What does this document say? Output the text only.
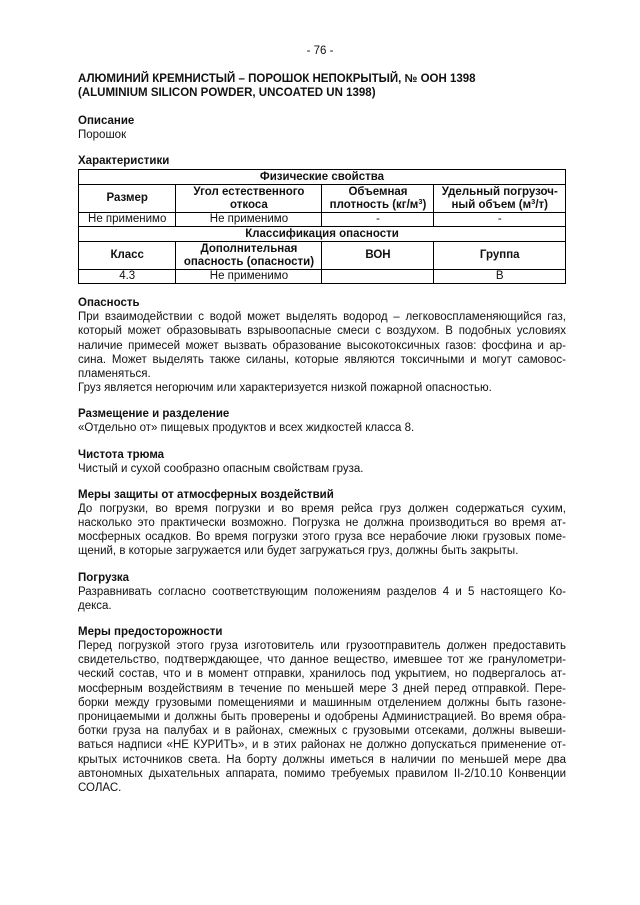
- 76 -
АЛЮМИНИЙ КРЕМНИСТЫЙ – ПОРОШОК НЕПОКРЫТЫЙ, № ООН 1398
(ALUMINIUM SILICON POWDER, UNCOATED UN 1398)

Описание

Порошок

Характеристики

Физические свойства			
Размер	Угол естественного откоса	Объемная плотность $(кг/м^3)$	Удельный погрузоч-ный объем $(м^3/т)$
Не применимо	Не применимо	-	-
Классификация опасности			
Класс	Дополнительная опасность (опасности)	ВОН	Группа
4.3	Не применимо		B

Опасность

При взаимодействии с водой может выделять водород – легковоспламеняющийся газ, который может образовывать взрывоопасные смеси с воздухом. В подобных условиях наличие примесей может вызвать образование высокотоксичных газов: фосфина и ар-сина. Может выделять также силаны, которые являются токсичными и могут самовос-пламеняться.

Груз является негорючим или характеризуется низкой пожарной опасностью.

Размещение и разделение

«Отдельно от» пищевых продуктов и всех жидкостей класса 8.

Чистота трюма

Чистый и сухой сообразно опасным свойствам груза.

Меры защиты от атмосферных воздействий

До погрузки, во время погрузки и во время рейса груз должен содержаться сухим, насколько это практически возможно. Погрузка не должна производиться во время ат-мосферных осадков. Во время погрузки этого груза все нерабочие люки грузовых поме-щений, в которые загружается или будет загружаться груз, должны быть закрыты.

Погрузка

Разравнивать согласно соответствующим положениям разделов 4 и 5 настоящего Ко-декса.

Меры предосторожности

Перед погрузкой этого груза изготовитель или грузоотправитель должен предоставить свидетельство, подтверждающее, что данное вещество, имевшее тот же гранулометри-ческий состав, что и в момент отправки, хранилось под укрытием, но подвергалось ат-мосферным воздействиям в течение по меньшей мере 3 дней перед отправкой. Пере-борки между грузовыми помещениями и машинным отделением должны быть газоне-проницаемыми и должны быть проверены и одобрены Администрацией. Во время обра-ботки груза на палубах и в районах, смежных с грузовыми отсеками, должны вывеши-ваться надписи «НЕ КУРИТЬ», и в этих районах не должно допускаться применение от-крытых источников света. На борту должны иметься в наличии по меньшей мере два автономных дыхательных аппарата, помимо требуемых правилом II-2/10.10 Конвенции СОЛАС.
